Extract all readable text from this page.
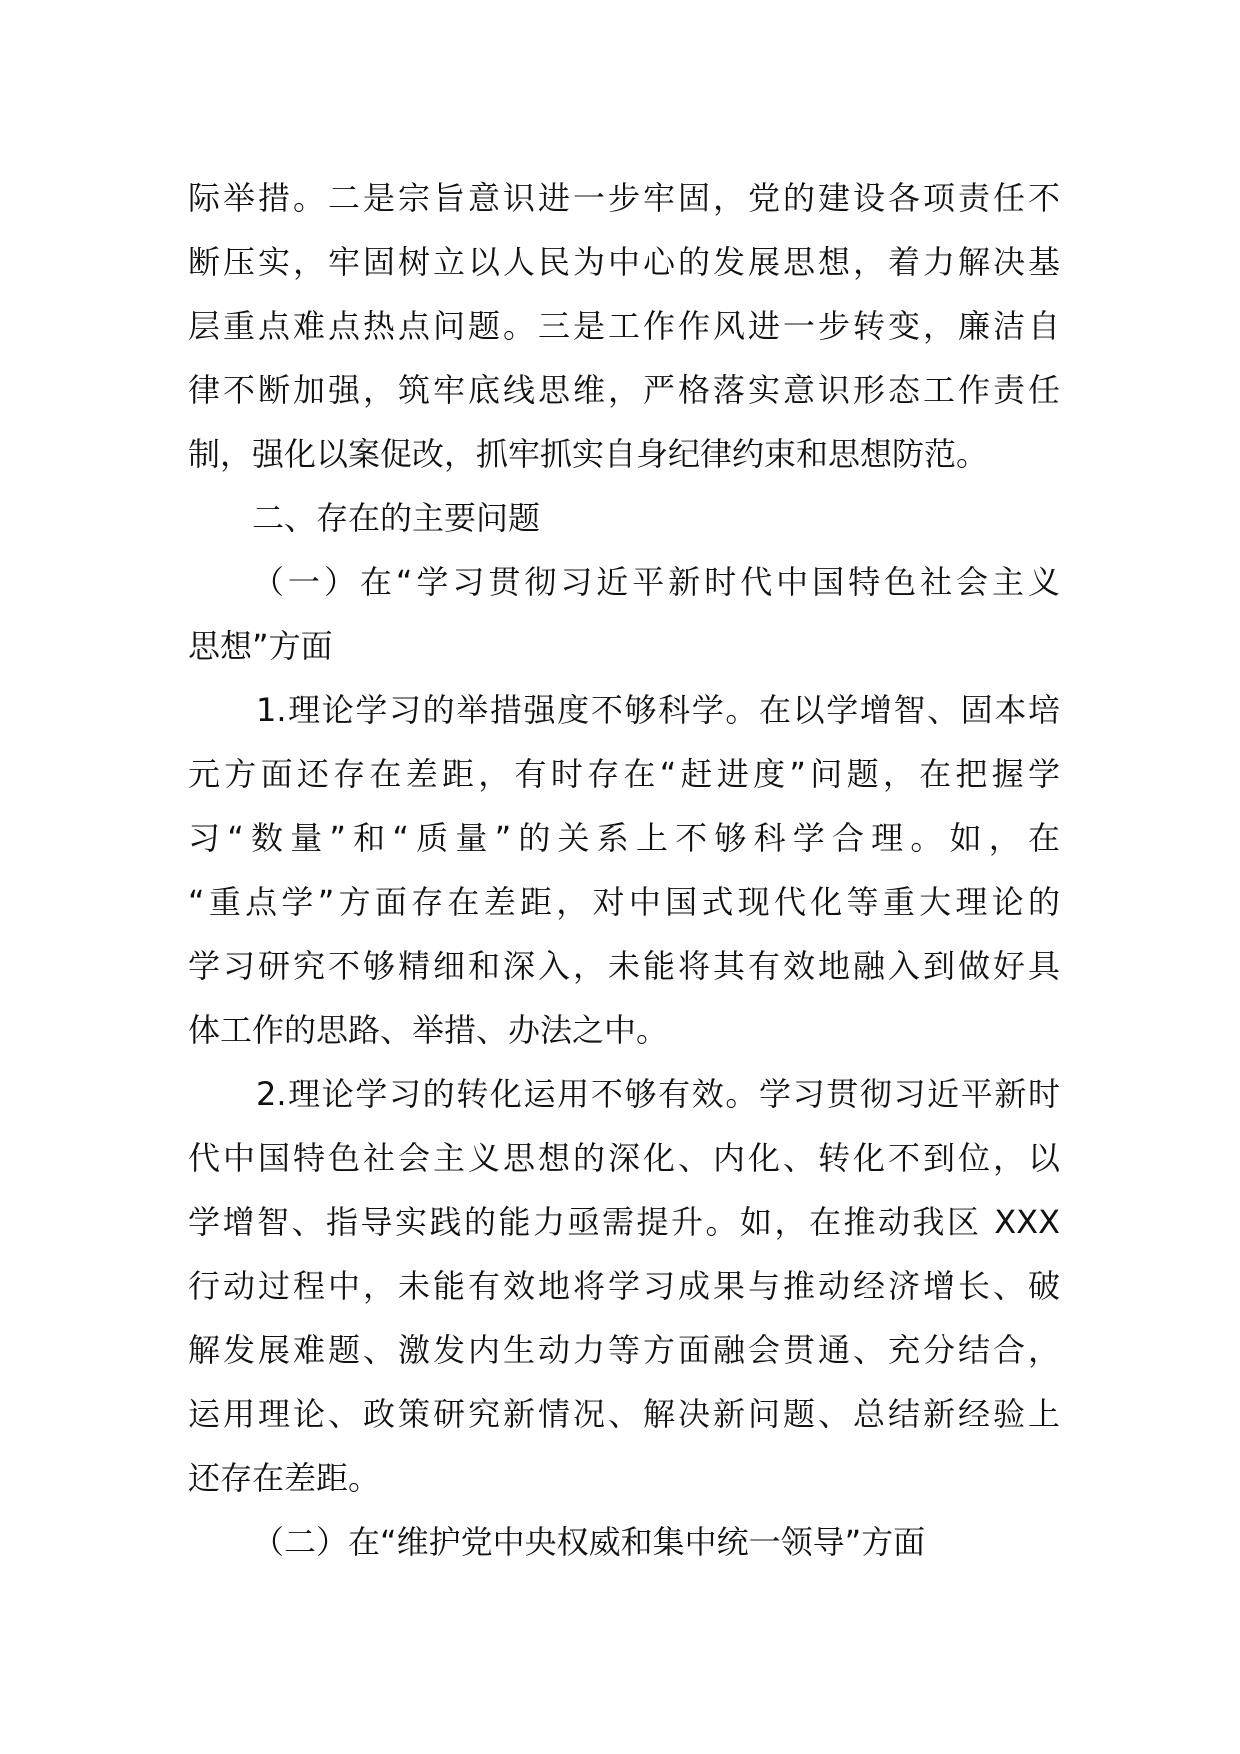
际举措。二是宗旨意识进一步牢固，党的建设各项责任不
断压实，牢固树立以人民为中心的发展思想，着力解决基
层重点难点热点问题。三是工作作风进一步转变，廉洁自
律不断加强，筑牢底线思维，严格落实意识形态工作责任
制，强化以案促改，抓牢抓实自身纪律约束和思想防范。
二、存在的主要问题
（一）在“学习贯彻习近平新时代中国特色社会主义
思想”方面
1.理论学习的举措强度不够科学。在以学增智、固本培
元方面还存在差距，有时存在“赶进度”问题，在把握学
习“数量”和“质量”的关系上不够科学合理。如，在
“重点学”方面存在差距，对中国式现代化等重大理论的
学习研究不够精细和深入，未能将其有效地融入到做好具
体工作的思路、举措、办法之中。
2.理论学习的转化运用不够有效。学习贯彻习近平新时
代中国特色社会主义思想的深化、内化、转化不到位，以
学增智、指导实践的能力亟需提升。如，在推动我区 XXX
行动过程中，未能有效地将学习成果与推动经济增长、破
解发展难题、激发内生动力等方面融会贯通、充分结合，
运用理论、政策研究新情况、解决新问题、总结新经验上
还存在差距。
（二）在“维护党中央权威和集中统一领导”方面
